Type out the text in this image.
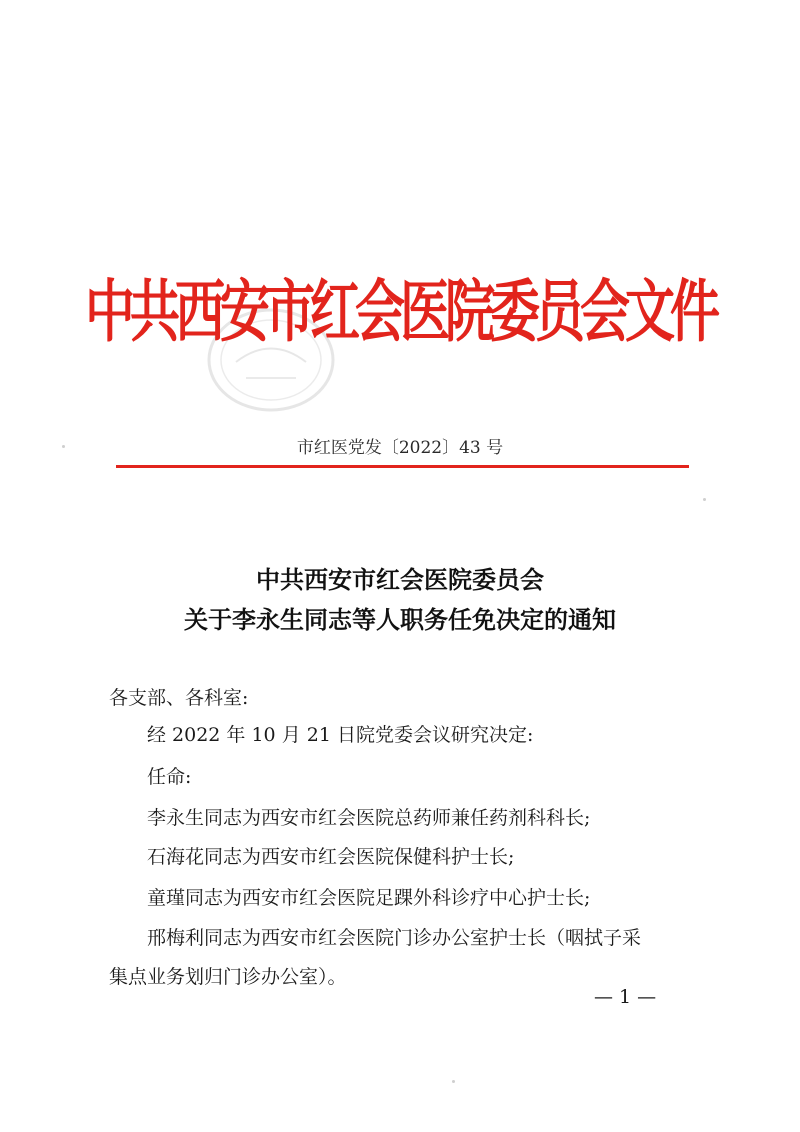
中共西安市红会医院委员会文件
市红医党发〔2022〕43 号
中共西安市红会医院委员会
关于李永生同志等人职务任免决定的通知
各支部、各科室:
经 2022 年 10 月 21 日院党委会议研究决定:
任命:
李永生同志为西安市红会医院总药师兼任药剂科科长;
石海花同志为西安市红会医院保健科护士长;
童瑾同志为西安市红会医院足踝外科诊疗中心护士长;
邢梅利同志为西安市红会医院门诊办公室护士长（咽拭子采
集点业务划归门诊办公室）。
— 1 —
